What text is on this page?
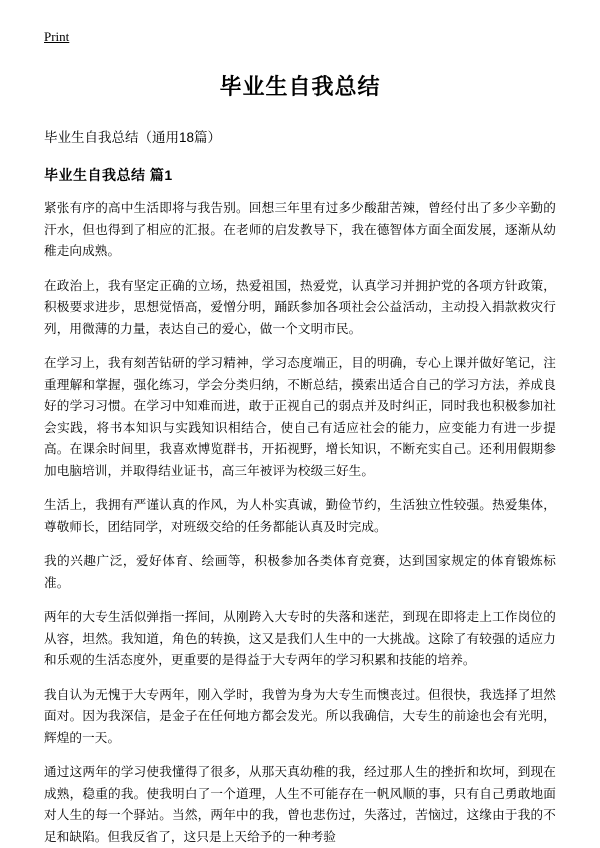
Print
毕业生自我总结
毕业生自我总结（通用18篇）
毕业生自我总结 篇1

紧张有序的高中生活即将与我告别。回想三年里有过多少酸甜苦辣，曾经付出了多少辛勤的汗水，但也得到了相应的汇报。在老师的启发教导下，我在德智体方面全面发展，逐渐从幼稚走向成熟。

在政治上，我有坚定正确的立场，热爱祖国，热爱党，认真学习并拥护党的各项方针政策，积极要求进步，思想觉悟高，爱憎分明，踊跃参加各项社会公益活动，主动投入捐款救灾行列，用微薄的力量，表达自己的爱心，做一个文明市民。

在学习上，我有刻苦钻研的学习精神，学习态度端正，目的明确，专心上课并做好笔记，注重理解和掌握，强化练习，学会分类归纳，不断总结，摸索出适合自己的学习方法，养成良好的学习习惯。在学习中知难而进，敢于正视自己的弱点并及时纠正，同时我也积极参加社会实践，将书本知识与实践知识相结合，使自己有适应社会的能力，应变能力有进一步提高。在课余时间里，我喜欢博览群书，开拓视野，增长知识，不断充实自己。还利用假期参加电脑培训，并取得结业证书，高三年被评为校级三好生。

生活上，我拥有严谨认真的作风，为人朴实真诚，勤俭节约，生活独立性较强。热爱集体，尊敬师长，团结同学，对班级交给的任务都能认真及时完成。

我的兴趣广泛，爱好体育、绘画等，积极参加各类体育竞赛，达到国家规定的体育锻炼标准。

两年的大专生活似弹指一挥间，从刚跨入大专时的失落和迷茫，到现在即将走上工作岗位的从容，坦然。我知道，角色的转换，这又是我们人生中的一大挑战。这除了有较强的适应力和乐观的生活态度外，更重要的是得益于大专两年的学习积累和技能的培养。

我自认为无愧于大专两年，刚入学时，我曾为身为大专生而懊丧过。但很快，我选择了坦然面对。因为我深信，是金子在任何地方都会发光。所以我确信，大专生的前途也会有光明，辉煌的一天。

通过这两年的学习使我懂得了很多，从那天真幼稚的我，经过那人生的挫折和坎坷，到现在成熟，稳重的我。使我明白了一个道理，人生不可能存在一帆风顺的事，只有自己勇敢地面对人生的每一个驿站。当然，两年中的我，曾也悲伤过，失落过，苦恼过，这缘由于我的不足和缺陷。但我反省了，这只是上天给予的一种考验
